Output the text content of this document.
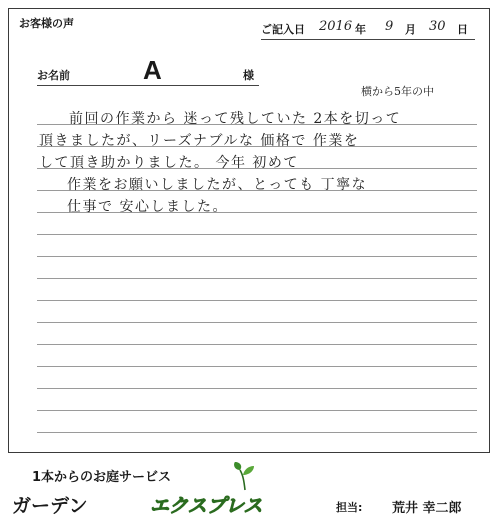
お客様の声	ご記入日 2016 年 9 月 30 日
お名前	A	様
横から5年の中
前回の作業から 迷って残していた 2本を切って
頂きましたが、リーズナブルな 価格で 作業を
して頂き助かりました。 今年 初めて
作業をお願いしましたが、とっても 丁寧な
仕事で 安心しました。
1本からのお庭サービス
ガーデン	エクスプレス	担当: 荒井 幸二郎
